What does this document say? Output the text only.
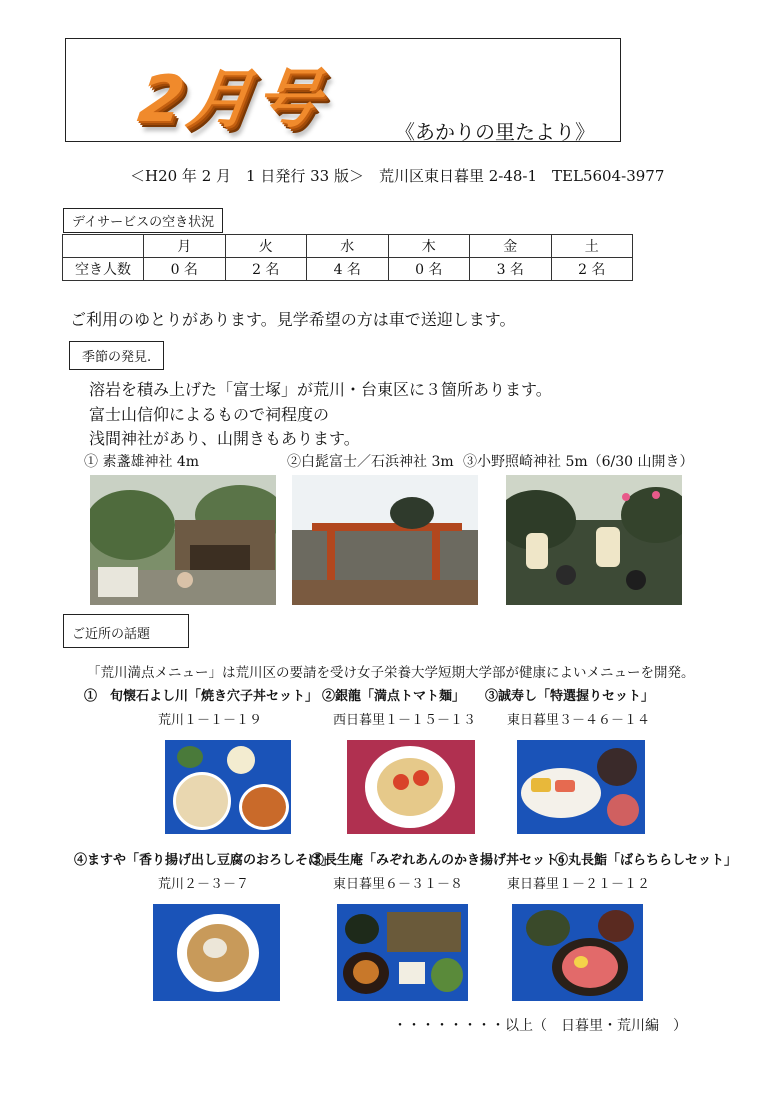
2月号	《あかりの里たより》
＜H20 年 2 月　1 日発行 33 版＞　荒川区東日暮里 2-48-1　TEL5604-3977
デイサービスの空き状況
	月	火	水	木	金	土
空き人数	0 名	2 名	4 名	0 名	3 名	2 名
ご利用のゆとりがあります。見学希望の方は車で送迎します。
季節の発見.
溶岩を積み上げた「富士塚」が荒川・台東区に３箇所あります。
富士山信仰によるもので祠程度の
浅間神社があり、山開きもあります。
① 素盞雄神社 4m	②白髭富士／石浜神社 3m ③小野照崎神社 5m（6/30 山開き）
ご近所の話題
「荒川満点メニュー」は荒川区の要請を受け女子栄養大学短期大学部が健康によいメニューを開発。
①　旬懐石よし川「焼き穴子丼セット」 ②銀龍「満点トマト麺」 ③誠寿し「特選握りセット」
荒川１－１－１９	西日暮里１－１５－１３ 東日暮里３－４６－１４
④ますや「香り揚げ出し豆腐のおろしそば」
⑤長生庵「みぞれあんのかき揚げ丼セット」
⑥丸長鮨「ばらちらしセット」
荒川２－３－７	東日暮里６－３１－８	東日暮里１－２１－１２
・・・・・・・・以上（　日暮里・荒川編　）
